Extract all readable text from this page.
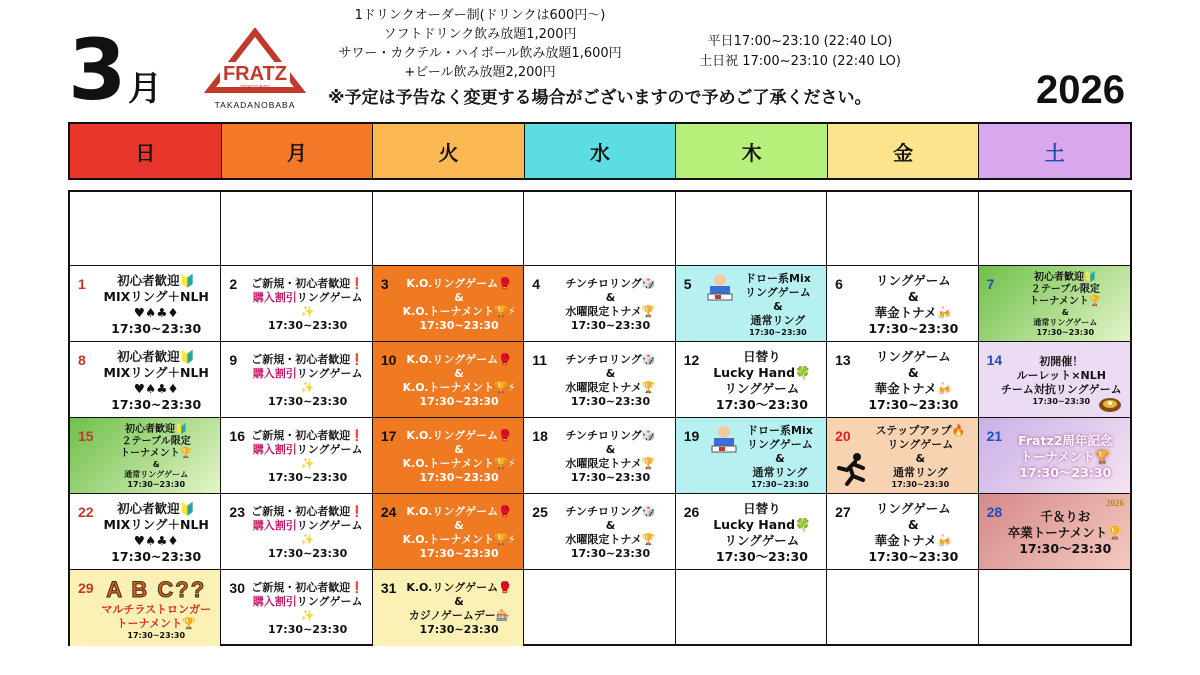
3 月	FRATZ
POKER BAR
TAKADANOBABA
1ドリンクオーダー制(ドリンクは600円〜)
ソフトドリンク飲み放題1,200円
サワー・カクテル・ハイボール飲み放題1,600円
+ビール飲み放題2,200円
平日17:00~23:10 (22:40 LO)
土日祝 17:00~23:10 (22:40 LO)
2026
※予定は予告なく変更する場合がございますので予めご了承ください。
日	月	火	水	木	金	土
1	初心者歓迎🔰
MIXリング＋NLH
♥♠♣♦
17:30~23:30
2 ご新規・初心者歓迎❗
購入割引リングゲーム✨
17:30~23:30
3 K.O.リングゲーム🥊
&
K.O.トーナメント🏆⚡
17:30~23:30
4 チンチロリング🎲
&
水曜限定トナメ🏆
17:30~23:30
5	ドロー系Mix
リングゲーム
&
通常リング
17:30~23:30
6	リングゲーム
&
華金トナメ🍻
17:30~23:30
7	初心者歓迎🔰
２テーブル限定
トーナメント🏆
&
通常リングゲーム
17:30~23:30
8	初心者歓迎🔰
MIXリング＋NLH
♥♠♣♦
17:30~23:30
9 ご新規・初心者歓迎❗
購入割引リングゲーム✨
17:30~23:30
10 K.O.リングゲーム🥊
&
K.O.トーナメント🏆⚡
17:30~23:30
11 チンチロリング🎲
&
水曜限定トナメ🏆
17:30~23:30
12	日替り
Lucky Hand🍀
リングゲーム
17:30〜23:30
13 リングゲーム
&
華金トナメ🍻
17:30~23:30
14	初開催！
ルーレット×NLH
チーム対抗リングゲーム
17:30~23:30
15	初心者歓迎🔰
２テーブル限定
トーナメント🏆
&
通常リングゲーム
17:30~23:30
16 ご新規・初心者歓迎❗
購入割引リングゲーム✨
17:30~23:30
17 K.O.リングゲーム🥊
&
K.O.トーナメント🏆⚡
17:30~23:30
18 チンチロリング🎲
&
水曜限定トナメ🏆
17:30~23:30
19	ドロー系Mix
リングゲーム
&
通常リング
17:30~23:30
20 ステップアップ🔥
リングゲーム
&
通常リング
17:30~23:30
21 Fratz2周年記念
トーナメント🏆
17:30〜23:30
22 初心者歓迎🔰
MIXリング＋NLH
♥♠♣♦
17:30~23:30
23 ご新規・初心者歓迎❗
購入割引リングゲーム✨
17:30~23:30
24 K.O.リングゲーム🥊
&
K.O.トーナメント🏆⚡
17:30~23:30
25 チンチロリング🎲
&
水曜限定トナメ🏆
17:30~23:30
26	日替り
Lucky Hand🍀
リングゲーム
17:30〜23:30
27 リングゲーム
&
華金トナメ🍻
17:30~23:30
28
2026
千＆りお
卒業トーナメント🏆
17:30〜23:30
29 A B C??
マルチラストロンガー
トーナメント🏆
17:30~23:30
30 ご新規・初心者歓迎❗
購入割引リングゲーム✨
17:30~23:30
31 K.O.リングゲーム🥊
&
カジノゲームデー🎰
17:30~23:30
